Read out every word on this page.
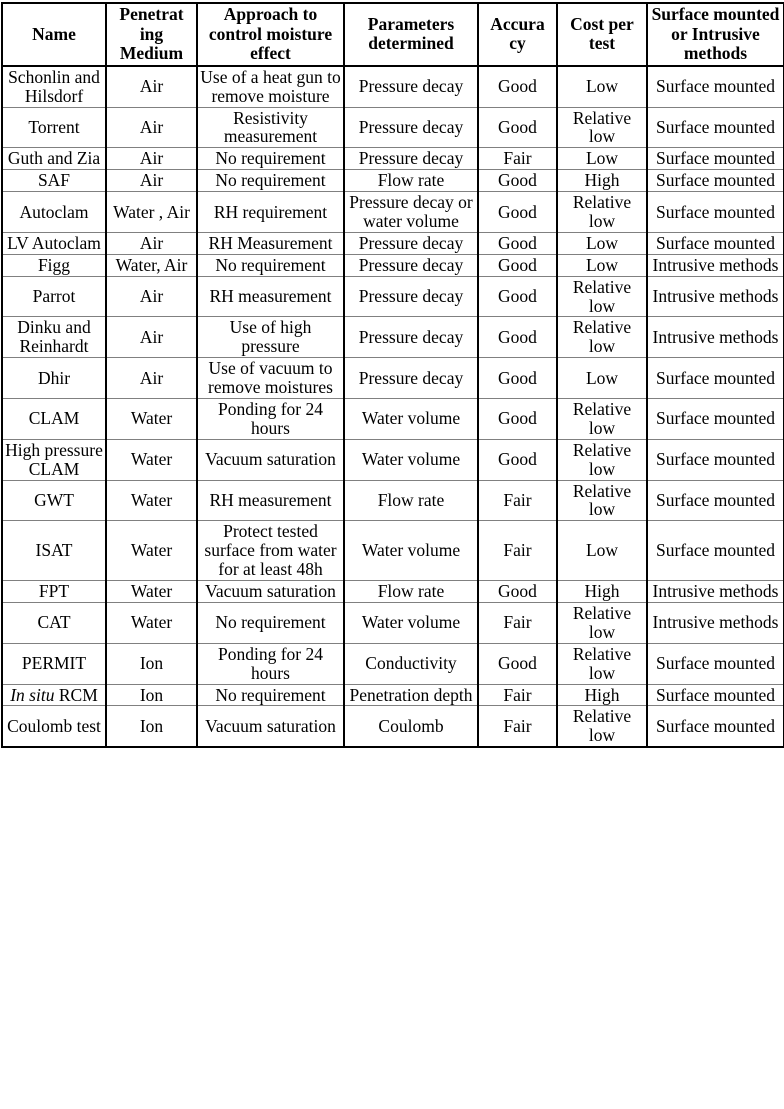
Name	Penetrat ing Medium	Approach to control moisture effect	Parameters determined	Accura cy	Cost per test	Surface mounted or Intrusive methods
Schonlin and Hilsdorf	Air	Use of a heat gun to remove moisture	Pressure decay	Good	Low	Surface mounted
Torrent	Air	Resistivity measurement	Pressure decay	Good	Relative low	Surface mounted
Guth and Zia	Air	No requirement	Pressure decay	Fair	Low	Surface mounted
SAF	Air	No requirement	Flow rate	Good	High	Surface mounted
Autoclam	Water , Air	RH requirement	Pressure decay or water volume	Good	Relative low	Surface mounted
LV Autoclam	Air	RH Measurement	Pressure decay	Good	Low	Surface mounted
Figg	Water, Air	No requirement	Pressure decay	Good	Low	Intrusive methods
Parrot	Air	RH measurement	Pressure decay	Good	Relative low	Intrusive methods
Dinku and Reinhardt	Air	Use of high pressure	Pressure decay	Good	Relative low	Intrusive methods
Dhir	Air	Use of vacuum to remove moistures	Pressure decay	Good	Low	Surface mounted
CLAM	Water	Ponding for 24 hours	Water volume	Good	Relative low	Surface mounted
High pressure CLAM	Water	Vacuum saturation	Water volume	Good	Relative low	Surface mounted
GWT	Water	RH measurement	Flow rate	Fair	Relative low	Surface mounted
ISAT	Water	Protect tested surface from water for at least 48h	Water volume	Fair	Low	Surface mounted
FPT	Water	Vacuum saturation	Flow rate	Good	High	Intrusive methods
CAT	Water	No requirement	Water volume	Fair	Relative low	Intrusive methods
PERMIT	Ion	Ponding for 24 hours	Conductivity	Good	Relative low	Surface mounted
In situ RCM	Ion	No requirement	Penetration depth	Fair	High	Surface mounted
Coulomb test	Ion	Vacuum saturation	Coulomb	Fair	Relative low	Surface mounted
